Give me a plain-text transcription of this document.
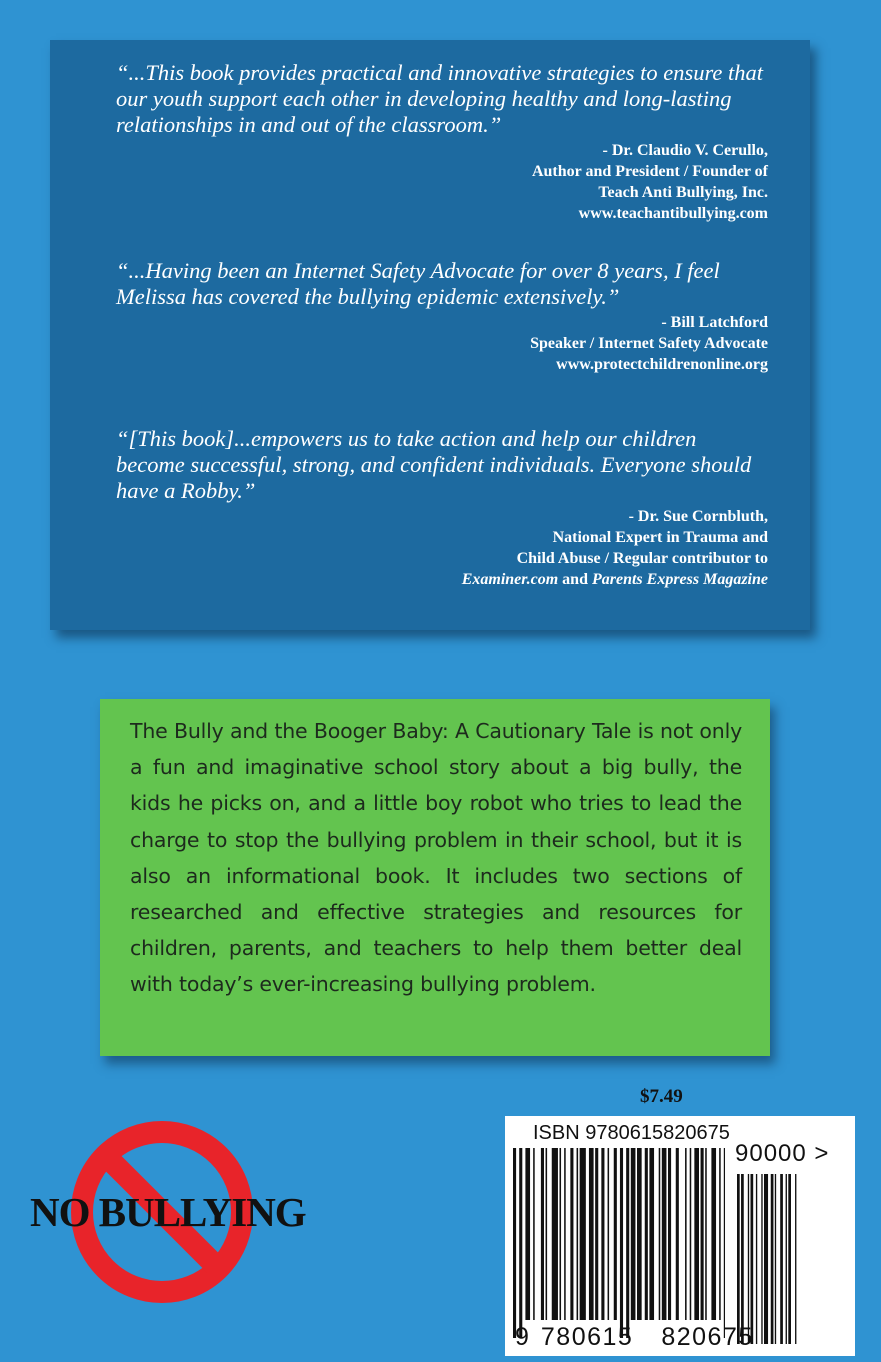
“...This book provides practical and innovative strategies to ensure that our youth support each other in developing healthy and long-lasting relationships in and out of the classroom.”

- Dr. Claudio V. Cerullo,
Author and President / Founder of
Teach Anti Bullying, Inc.
www.teachantibullying.com

“...Having been an Internet Safety Advocate for over 8 years, I feel Melissa has covered the bullying epidemic extensively.”

- Bill Latchford
Speaker / Internet Safety Advocate
www.protectchildrenonline.org

“[This book]...empowers us to take action and help our children become successful, strong, and confident individuals. Everyone should have a Robby.”

- Dr. Sue Cornbluth,
National Expert in Trauma and
Child Abuse / Regular contributor to
Examiner.com and Parents Express Magazine

The Bully and the Booger Baby: A Cautionary Tale is not only a fun and imaginative school story about a big bully, the kids he picks on, and a little boy robot who tries to lead the charge to stop the bullying problem in their school, but it is also an informational book. It includes two sections of researched and effective strategies and resources for children, parents, and teachers to help them better deal with today’s ever-increasing bullying problem.

$7.49
ISBN 9780615820675
90000 >
9 780615 820675
NO BULLYING
